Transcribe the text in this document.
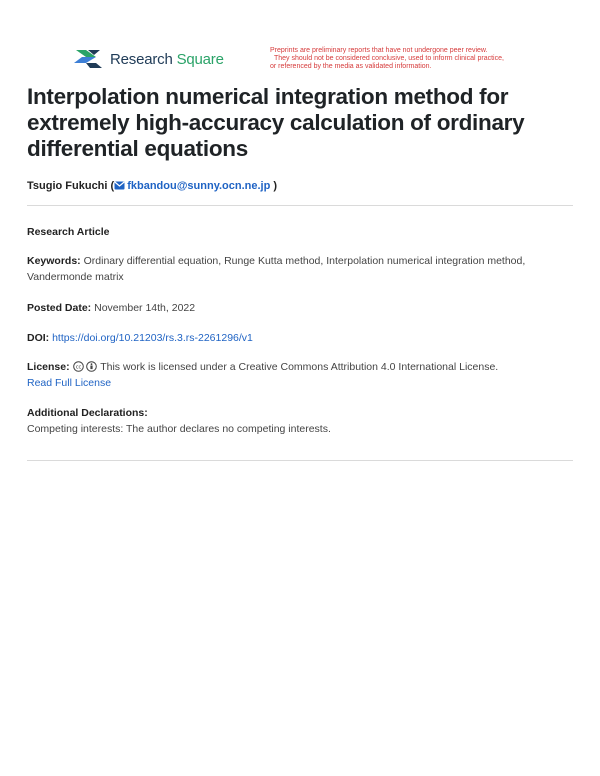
Research Square	Preprints are preliminary reports that have not undergone peer review.
They should not be considered conclusive, used to inform clinical practice,
or referenced by the media as validated information.

Interpolation numerical integration method for extremely high-accuracy calculation of ordinary differential equations
Tsugio Fukuchi ( fkbandou@sunny.ocn.ne.jp )

Research Article

Keywords: Ordinary differential equation, Runge Kutta method, Interpolation numerical integration method, Vandermonde matrix

Posted Date: November 14th, 2022

DOI: https://doi.org/10.21203/rs.3.rs-2261296/v1

License: cc This work is licensed under a Creative Commons Attribution 4.0 International License.
Read Full License

Additional Declarations:
Competing interests: The author declares no competing interests.
